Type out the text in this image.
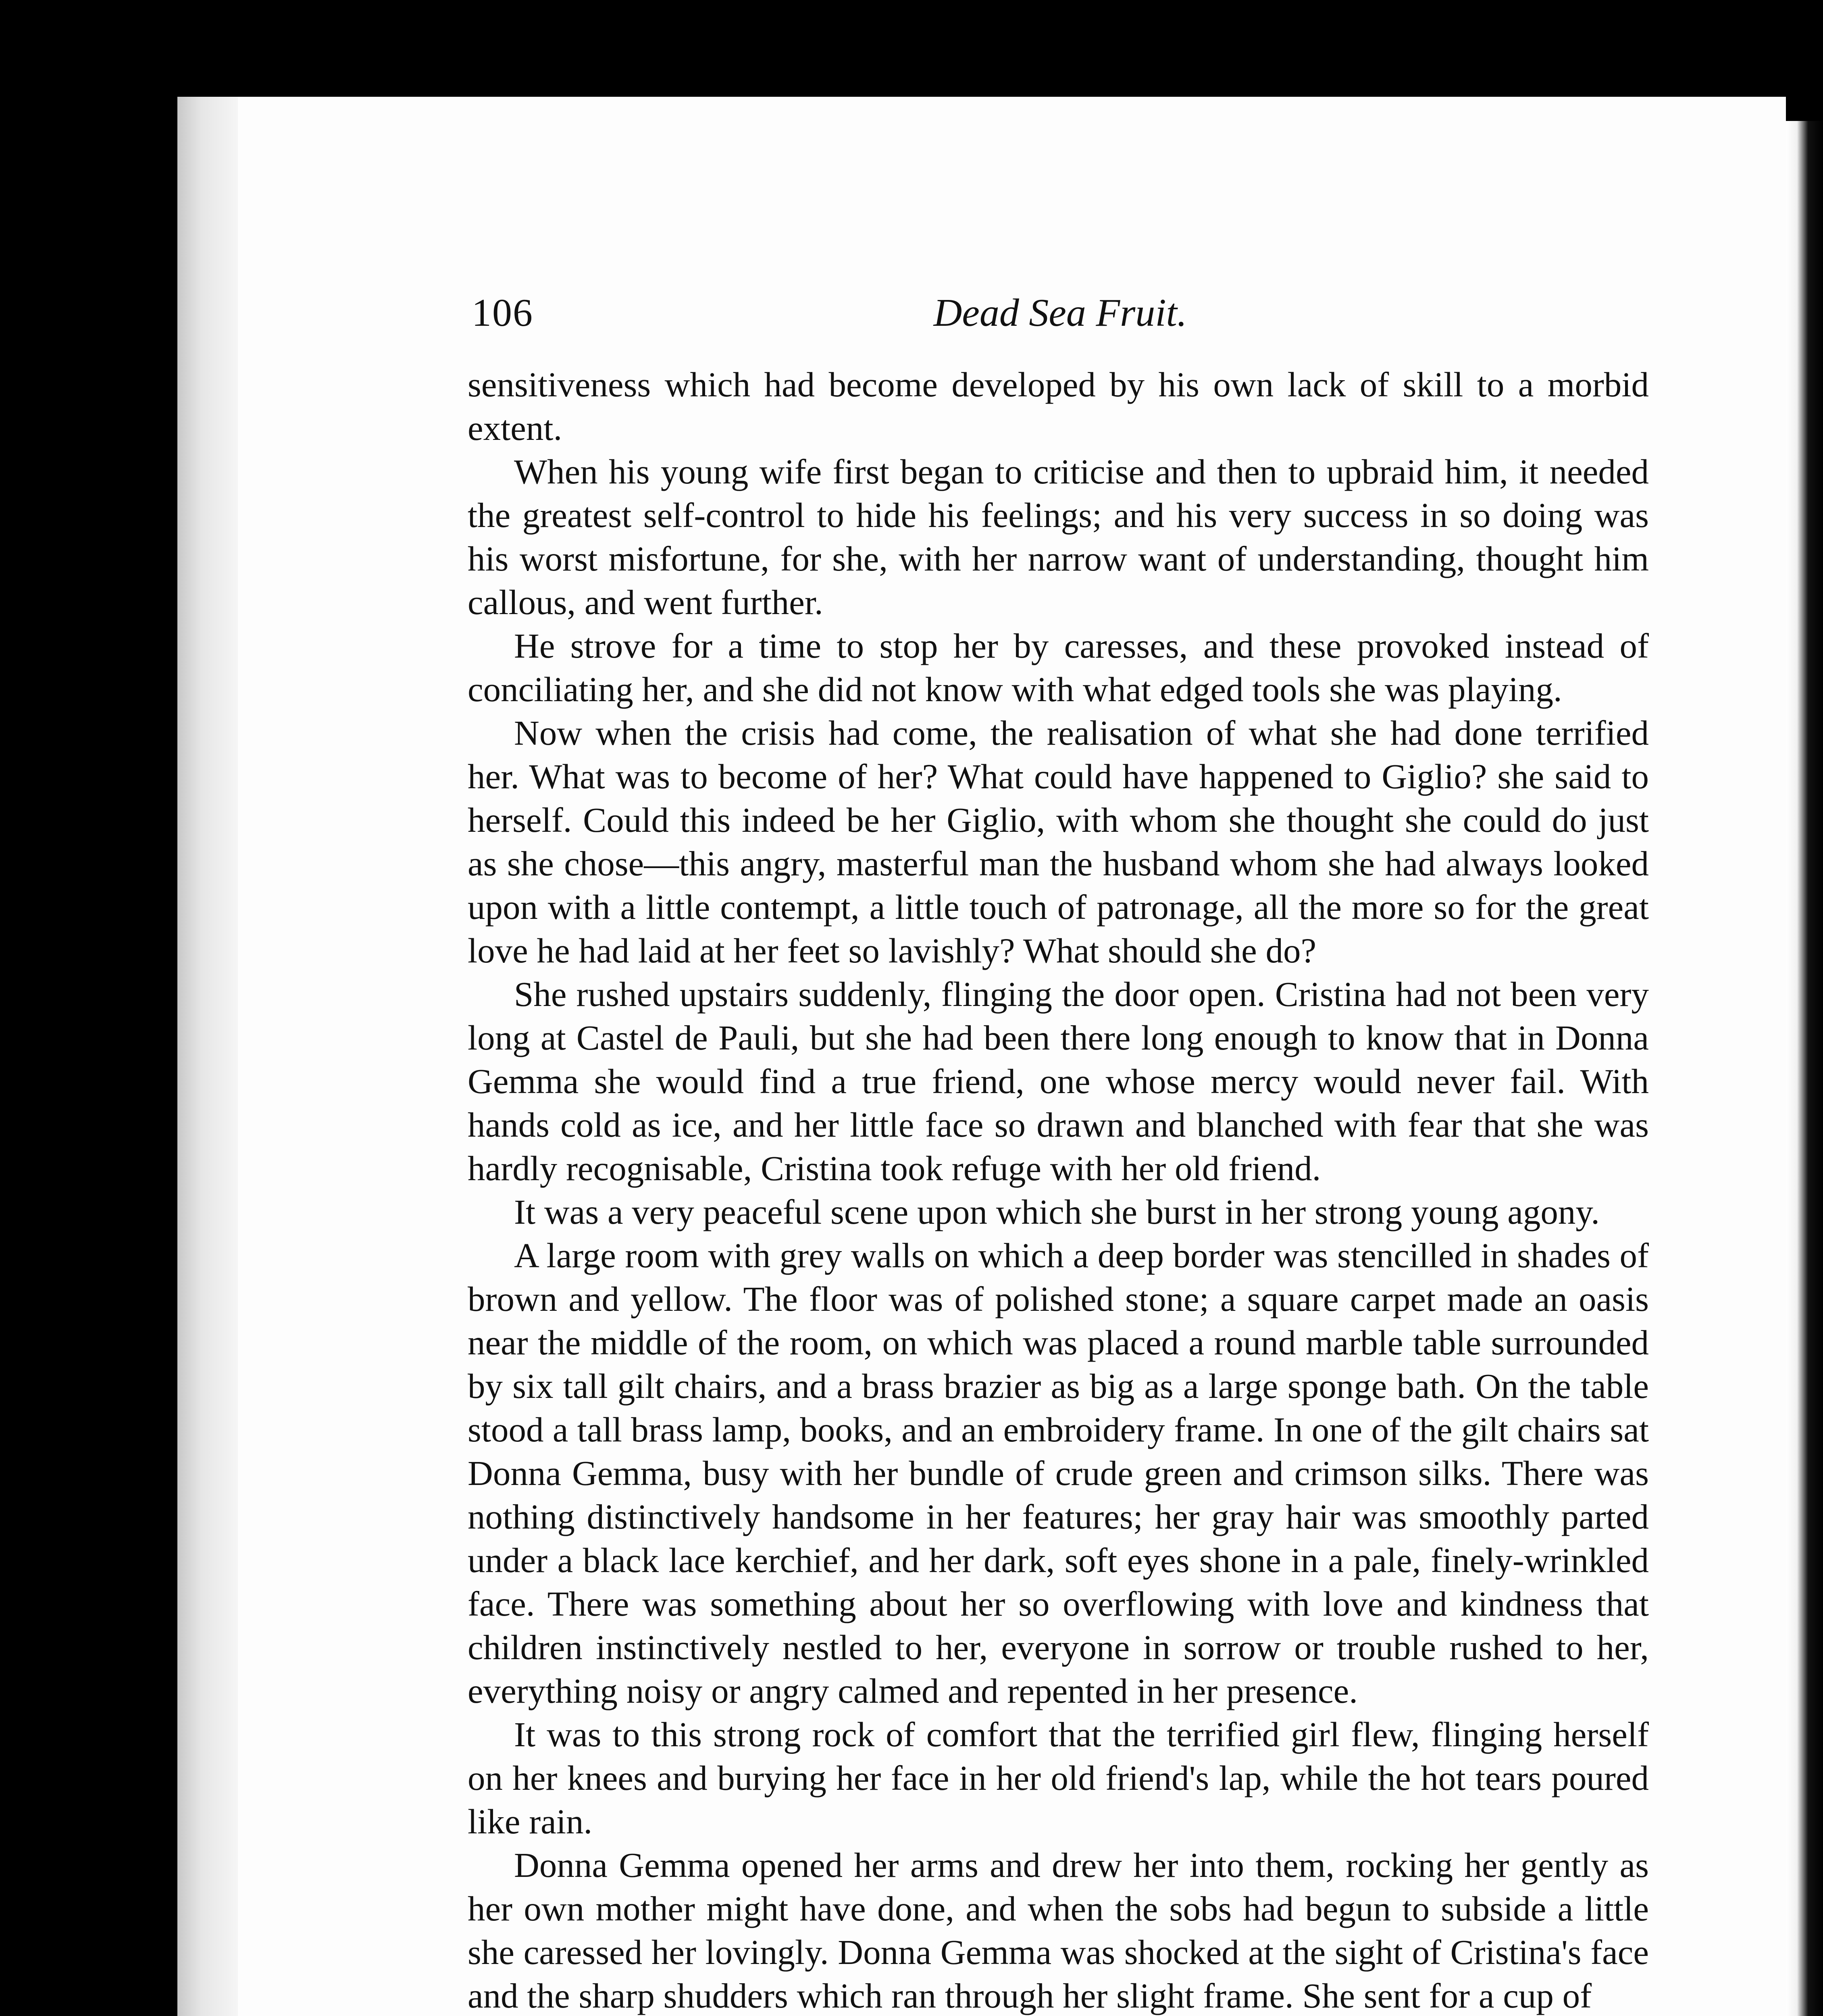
106	Dead Sea Fruit.

sensitiveness which had become developed by his own lack of skill to a morbid extent.

When his young wife first began to criticise and then to upbraid him, it needed the greatest self-control to hide his feelings; and his very success in so doing was his worst misfortune, for she, with her narrow want of understanding, thought him callous, and went further.

He strove for a time to stop her by caresses, and these provoked instead of conciliating her, and she did not know with what edged tools she was playing.

Now when the crisis had come, the realisation of what she had done terrified her. What was to become of her? What could have happened to Giglio? she said to herself. Could this indeed be her Giglio, with whom she thought she could do just as she chose—this angry, masterful man the husband whom she had always looked upon with a little contempt, a little touch of patronage, all the more so for the great love he had laid at her feet so lavishly? What should she do?

She rushed upstairs suddenly, flinging the door open. Cristina had not been very long at Castel de Pauli, but she had been there long enough to know that in Donna Gemma she would find a true friend, one whose mercy would never fail. With hands cold as ice, and her little face so drawn and blanched with fear that she was hardly recognisable, Cristina took refuge with her old friend.

It was a very peaceful scene upon which she burst in her strong young agony.

A large room with grey walls on which a deep border was stencilled in shades of brown and yellow. The floor was of polished stone; a square carpet made an oasis near the middle of the room, on which was placed a round marble table surrounded by six tall gilt chairs, and a brass brazier as big as a large sponge bath. On the table stood a tall brass lamp, books, and an embroidery frame. In one of the gilt chairs sat Donna Gemma, busy with her bundle of crude green and crimson silks. There was nothing distinctively handsome in her features; her gray hair was smoothly parted under a black lace kerchief, and her dark, soft eyes shone in a pale, finely-wrinkled face. There was something about her so overflowing with love and kindness that children instinctively nestled to her, everyone in sorrow or trouble rushed to her, everything noisy or angry calmed and repented in her presence.

It was to this strong rock of comfort that the terrified girl flew, flinging herself on her knees and burying her face in her old friend's lap, while the hot tears poured like rain.

Donna Gemma opened her arms and drew her into them, rocking her gently as her own mother might have done, and when the sobs had begun to subside a little she caressed her lovingly. Donna Gemma was shocked at the sight of Cristina's face and the sharp shudders which ran through her slight frame. She sent for a cup of
